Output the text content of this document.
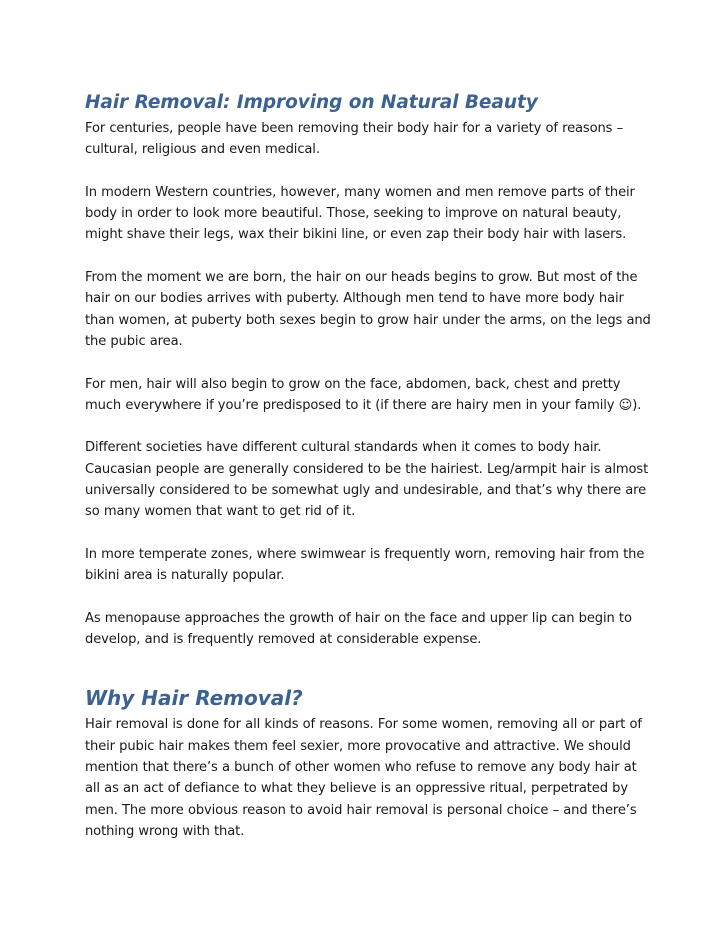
Hair Removal: Improving on Natural Beauty

For centuries, people have been removing their body hair for a variety of reasons –cultural, religious and even medical.

In modern Western countries, however, many women and men remove parts of their body in order to look more beautiful. Those, seeking to improve on natural beauty, might shave their legs, wax their bikini line, or even zap their body hair with lasers.

From the moment we are born, the hair on our heads begins to grow. But most of the hair on our bodies arrives with puberty. Although men tend to have more body hair than women, at puberty both sexes begin to grow hair under the arms, on the legs and the pubic area.

For men, hair will also begin to grow on the face, abdomen, back, chest and pretty much everywhere if you’re predisposed to it (if there are hairy men in your family ☺).

Different societies have different cultural standards when it comes to body hair. Caucasian people are generally considered to be the hairiest. Leg/armpit hair is almost universally considered to be somewhat ugly and undesirable, and that’s why there are so many women that want to get rid of it.

In more temperate zones, where swimwear is frequently worn, removing hair from the bikini area is naturally popular.

As menopause approaches the growth of hair on the face and upper lip can begin to develop, and is frequently removed at considerable expense.

Why Hair Removal?

Hair removal is done for all kinds of reasons. For some women, removing all or part of their pubic hair makes them feel sexier, more provocative and attractive. We should mention that there’s a bunch of other women who refuse to remove any body hair at all as an act of defiance to what they believe is an oppressive ritual, perpetrated by men. The more obvious reason to avoid hair removal is personal choice – and there’s nothing wrong with that.
